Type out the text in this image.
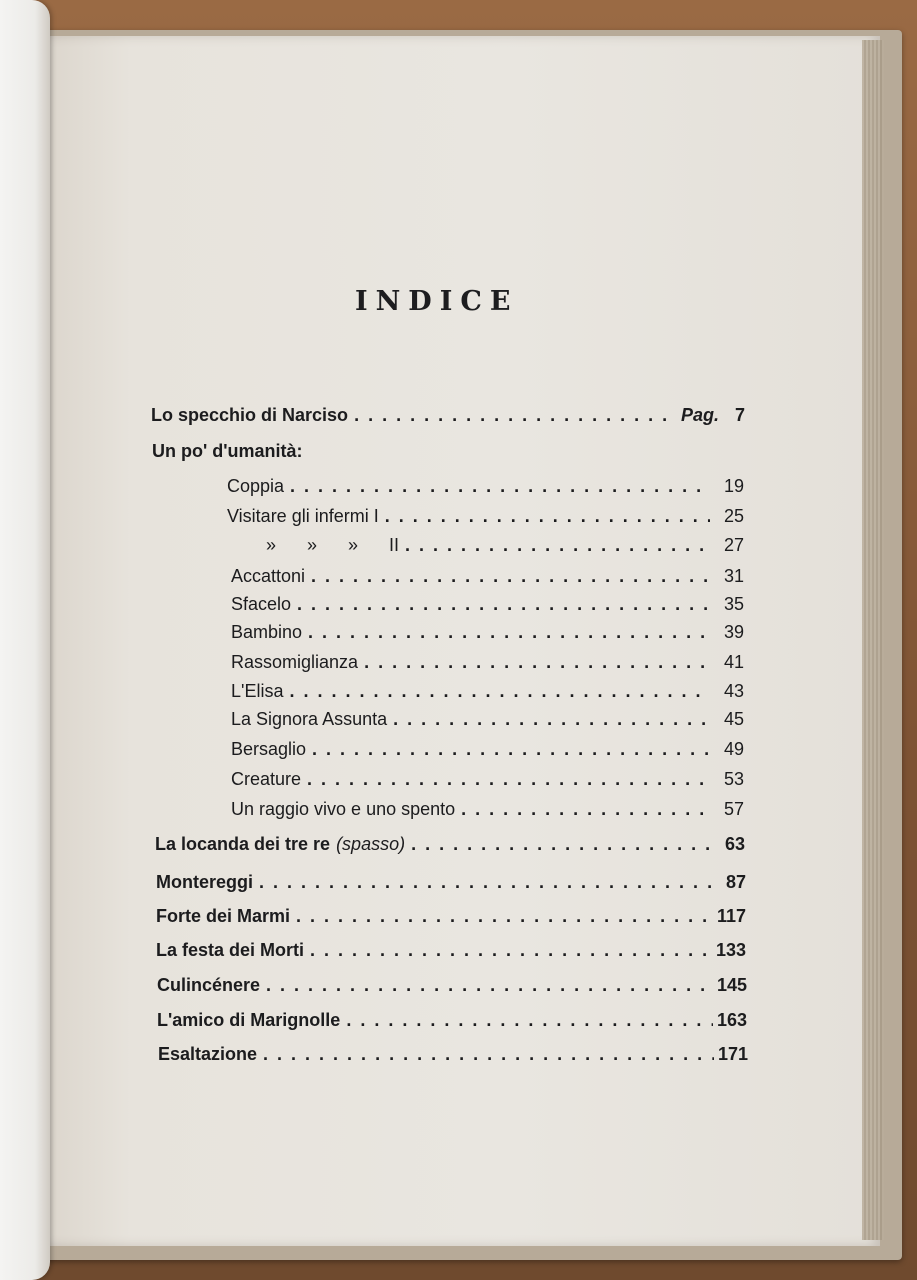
INDICE
Lo specchio di Narciso . . .	Pag. 7
Un po' d'umanità:
Coppia . . .	19
Visitare gli infermi I . . .	25
» » » II . . .	27
Accattoni . . .	31
Sfacelo . . .	35
Bambino . . .	39
Rassomiglianza . . .	41
L'Elisa . . .	43
La Signora Assunta . . .	45
Bersaglio . . .	49
Creature . . .	53
Un raggio vivo e uno spento . . .	57
La locanda dei tre re (spasso) . . .	63
Montereggi . . .	87
Forte dei Marmi . . .	117
La festa dei Morti . . .	133
Culincénere . . .	145
L'amico di Marignolle . . .	163
Esaltazione . . .	171
